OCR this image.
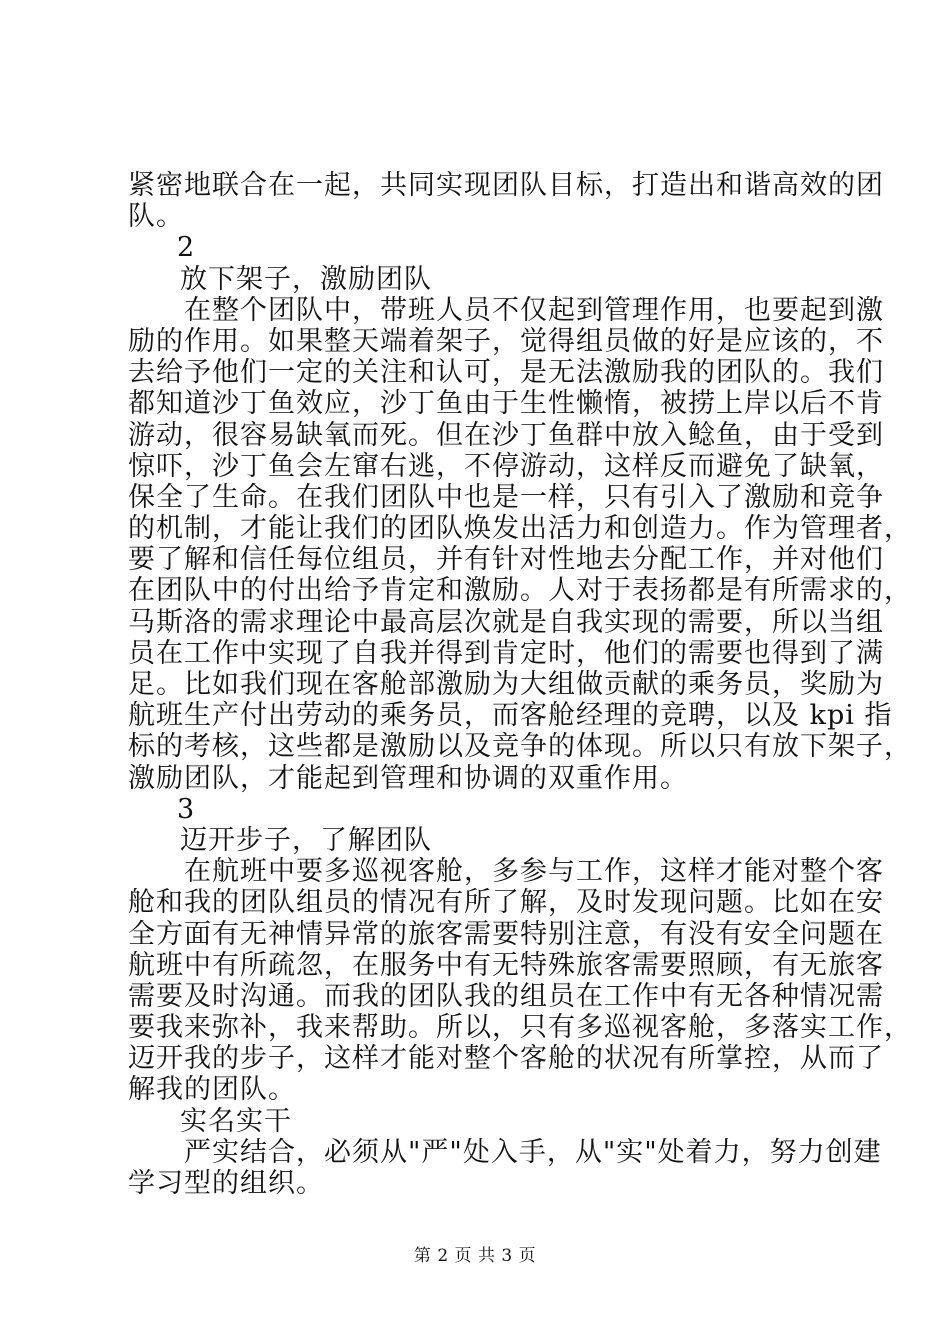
紧密地联合在一起，共同实现团队目标，打造出和谐高效的团
队。
2
放下架子，激励团队
在整个团队中，带班人员不仅起到管理作用，也要起到激
励的作用。如果整天端着架子，觉得组员做的好是应该的，不
去给予他们一定的关注和认可，是无法激励我的团队的。我们
都知道沙丁鱼效应，沙丁鱼由于生性懒惰，被捞上岸以后不肯
游动，很容易缺氧而死。但在沙丁鱼群中放入鲶鱼，由于受到
惊吓，沙丁鱼会左窜右逃，不停游动，这样反而避免了缺氧，
保全了生命。在我们团队中也是一样，只有引入了激励和竞争
的机制，才能让我们的团队焕发出活力和创造力。作为管理者，
要了解和信任每位组员，并有针对性地去分配工作，并对他们
在团队中的付出给予肯定和激励。人对于表扬都是有所需求的，
马斯洛的需求理论中最高层次就是自我实现的需要，所以当组
员在工作中实现了自我并得到肯定时，他们的需要也得到了满
足。比如我们现在客舱部激励为大组做贡献的乘务员，奖励为
航班生产付出劳动的乘务员，而客舱经理的竞聘，以及 kpi 指
标的考核，这些都是激励以及竞争的体现。所以只有放下架子，
激励团队，才能起到管理和协调的双重作用。
3
迈开步子，了解团队
在航班中要多巡视客舱，多参与工作，这样才能对整个客
舱和我的团队组员的情况有所了解，及时发现问题。比如在安
全方面有无神情异常的旅客需要特别注意，有没有安全问题在
航班中有所疏忽，在服务中有无特殊旅客需要照顾，有无旅客
需要及时沟通。而我的团队我的组员在工作中有无各种情况需
要我来弥补，我来帮助。所以，只有多巡视客舱，多落实工作，
迈开我的步子，这样才能对整个客舱的状况有所掌控，从而了
解我的团队。
实名实干
严实结合，必须从"严"处入手，从"实"处着力，努力创建
学习型的组织。
第 2 页 共 3 页
